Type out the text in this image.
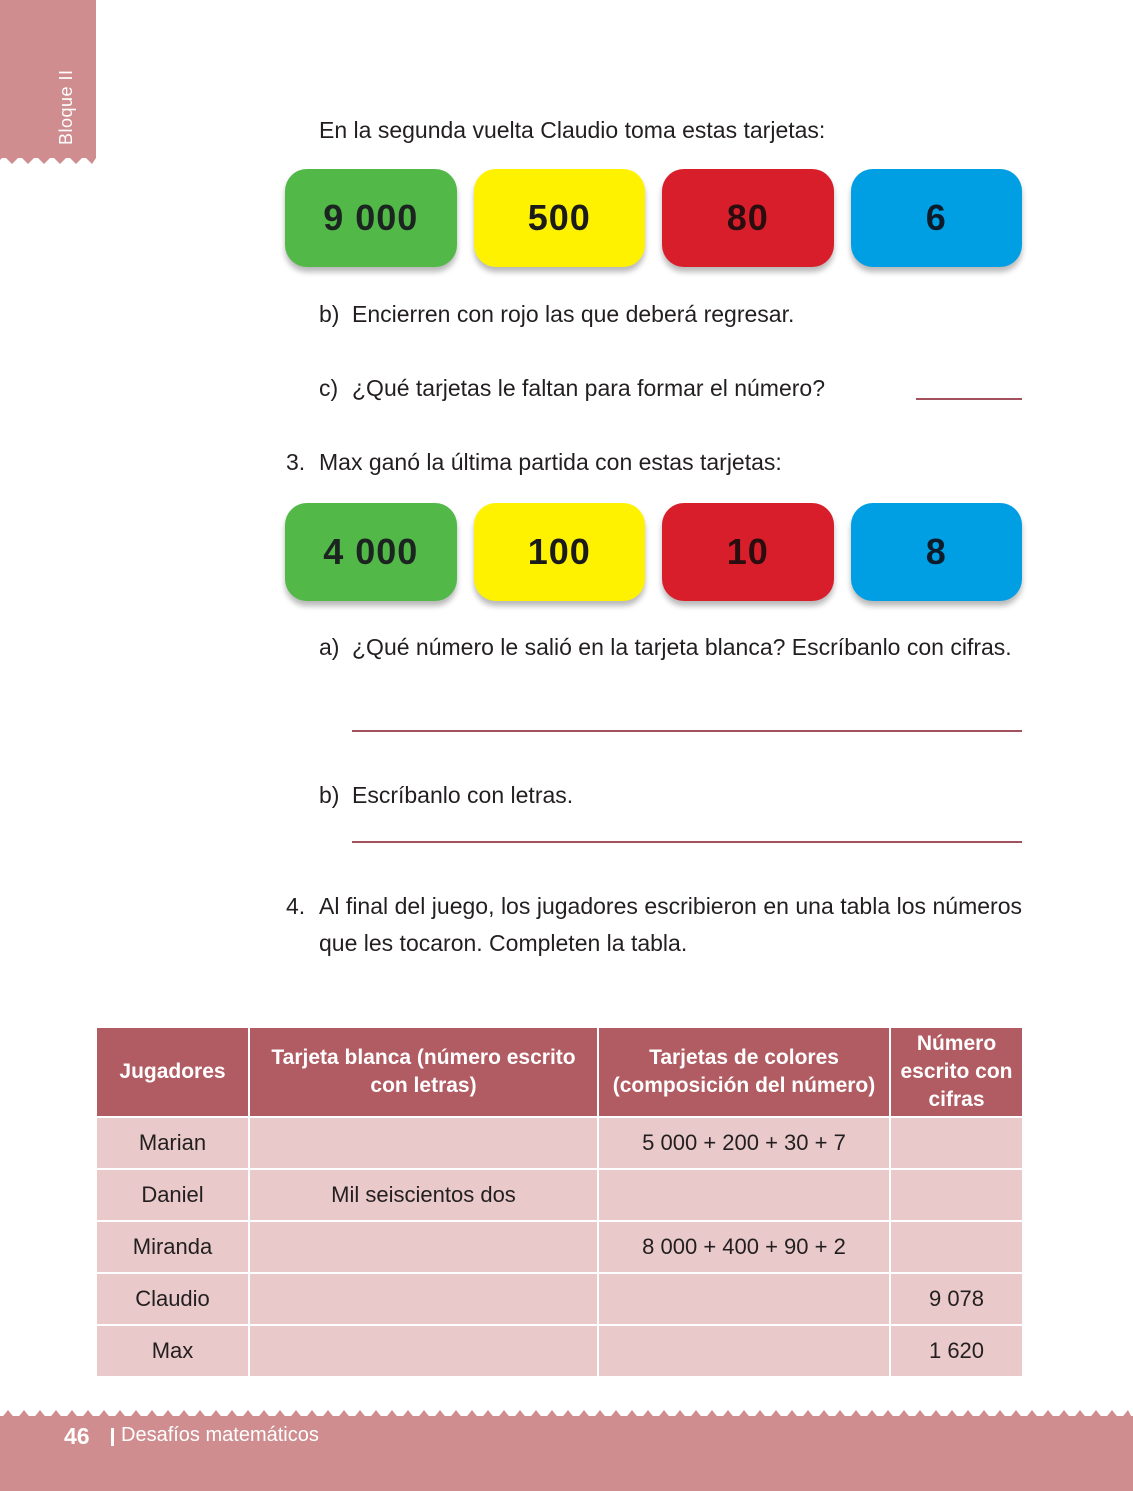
Bloque II	En la segunda vuelta Claudio toma estas tarjetas:
9 000	500	80	6
b) Encierren con rojo las que deberá regresar.
c) ¿Qué tarjetas le faltan para formar el número?
3. Max ganó la última partida con estas tarjetas:
4 000	100	10	8
a) ¿Qué número le salió en la tarjeta blanca? Escríbanlo con cifras.
b) Escríbanlo con letras.
4. Al final del juego, los jugadores escribieron en una tabla los números que les tocaron. Completen la tabla.
Jugadores	Tarjeta blanca (número escrito con letras)	Tarjetas de colores (composición del número)	Número escrito con cifras
Marian		5 000 + 200 + 30 + 7	
Daniel	Mil seiscientos dos		
Miranda		8 000 + 400 + 90 + 2	
Claudio			9 078
Max			1 620
46 Desafíos matemáticos
